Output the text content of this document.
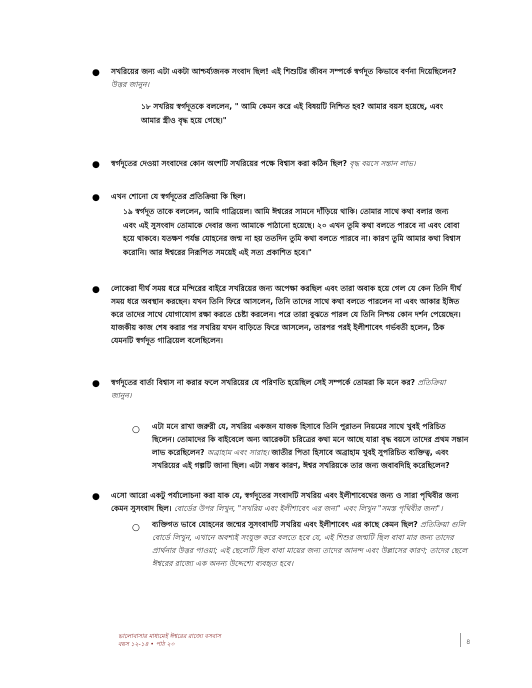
● সখরিয়ের জন্য এটা একটা আশ্চর্য্যজনক সংবাদ ছিল! এই শিশুটির জীবন সম্পর্কে স্বর্গদূত কিভাবে বর্ণনা দিয়েছিলেন? উত্তর জানুন।

১৮ সখরিয় স্বর্গদূতকে বললেন, " আমি কেমন করে এই বিষয়টি নিশ্চিত হব? আমার বয়স হয়েছে, এবং আমার স্ত্রীও বৃদ্ধ হয়ে গেছে।"

● স্বর্গদূতের দেওয়া সংবাদের কোন অংশটি সখরিয়ের পক্ষে বিশ্বাস করা কঠিন ছিল? বৃদ্ধ বয়সে সন্তান লাভ।

● এখন শোনো যে স্বর্গদূতের প্রতিক্রিয়া কি ছিল।

১৯ স্বর্গদূত তাকে বললেন, আমি গাব্রিয়েল। আমি ঈশ্বরের সামনে দাঁড়িয়ে থাকি। তোমার সাথে কথা বলার জন্য এবং এই সুসংবাদ তোমাকে দেবার জন্য আমাকে পাঠানো হয়েছে। ২০ এখন তুমি কথা বলতে পারবে না এবং বোবা হয়ে থাকবে। যতক্ষণ পর্যন্ত যোহনের জন্ম না হয় ততদিন তুমি কথা বলতে পারবে না। কারণ তুমি আমার কথা বিশ্বাস করোনি। আর ঈশ্বরের নিরূপিত সময়েই এই সত্য প্রকাশিত হবে।"

● লোকেরা দীর্ঘ সময় ধরে মন্দিরের বাইরে সখরিয়ের জন্য অপেক্ষা করছিল এবং তারা অবাক হয়ে গেল যে কেন তিনি দীর্ঘ সময় ধরে অবস্থান করছেন। যখন তিনি ফিরে আসলেন, তিনি তাদের সাথে কথা বলতে পারলেন না এবং আকার ইঙ্গিত করে তাদের সাথে যোগাযোগ রক্ষা করতে চেষ্টা করলেন। পরে তারা বুঝতে পারল যে তিনি নিশ্চয় কোন দর্শন পেয়েছেন। যাজকীয় কাজ শেষ করার পর সখরিয় যখন বাড়িতে ফিরে আসলেন, তারপর পরই ইলীশাবেৎ গর্ভবতী হলেন, ঠিক যেমনটি স্বর্গদূত গাব্রিয়েল বলেছিলেন।

● স্বর্গদূতের বার্তা বিশ্বাস না করার ফলে সখরিয়ের যে পরিণতি হয়েছিল সেই সম্পর্কে তোমরা কি মনে কর? প্রতিক্রিয়া জানুন।

○ এটা মনে রাখা জরুরী যে, সখরিয় একজন যাজক হিসাবে তিনি পুরাতন নিয়মের সাথে খুবই পরিচিত ছিলেন। তোমাদের কি বাইবেলে অন্য আরেকটা চরিত্রের কথা মনে আছে যারা বৃদ্ধ বয়সে তাদের প্রথম সন্তান লাভ করেছিলেন? অব্রাহাম এবং সারাহ। জাতীর পিতা হিসাবে অব্রাহাম খুবই সুপরিচিত ব্যক্তিত্ব, এবং সখরিয়ের এই গল্পটি জানা ছিল। এটা সম্ভব কারণ, ঈশ্বর সখরিয়কে তার জন্য জবাবদিহি করেছিলেন?

● এসো আরো একটু পর্যালোচনা করা যাক যে, স্বর্গদূতের সংবাদটি সখরিয় এবং ইলীশাবেথের জন্য ও সারা পৃথিবীর জন্য কেমন সুসংবাদ ছিল। বোর্ডের উপর লিখুন, "সখরিয় এবং ইলীশাবেৎ এর জন্য" এবং লিখুন "সমস্ত পৃথিবীর জন্য"।

○ ব্যক্তিগত ভাবে যোহনের জন্মের সুসংবাদটি সখরিয় এবং ইলীশাবেৎ এর কাছে কেমন ছিল? প্রতিক্রিয়া গুলি বোর্ডে লিখুন, এখানে অবশ্যই সংযুক্ত করে বলতে হবে যে, এই শিশুর জন্মটি ছিল বাবা মার জন্য তাদের প্রার্থনার উত্তর পাওয়া; এই ছেলেটি ছিল বাবা মায়ের জন্য তাদের আনন্দ এবং উল্লাসের কারণ; তাদের ছেলে ঈশ্বরের রাজ্যে এক অনন্য উদ্দেশ্যে ব্যবহৃত হবে।

ভালোবাসার মাধ্যমেই ঈশ্বরের রাজ্যে বসবাস
বয়স ১২-১৪ • পাঠ ২০	৪
